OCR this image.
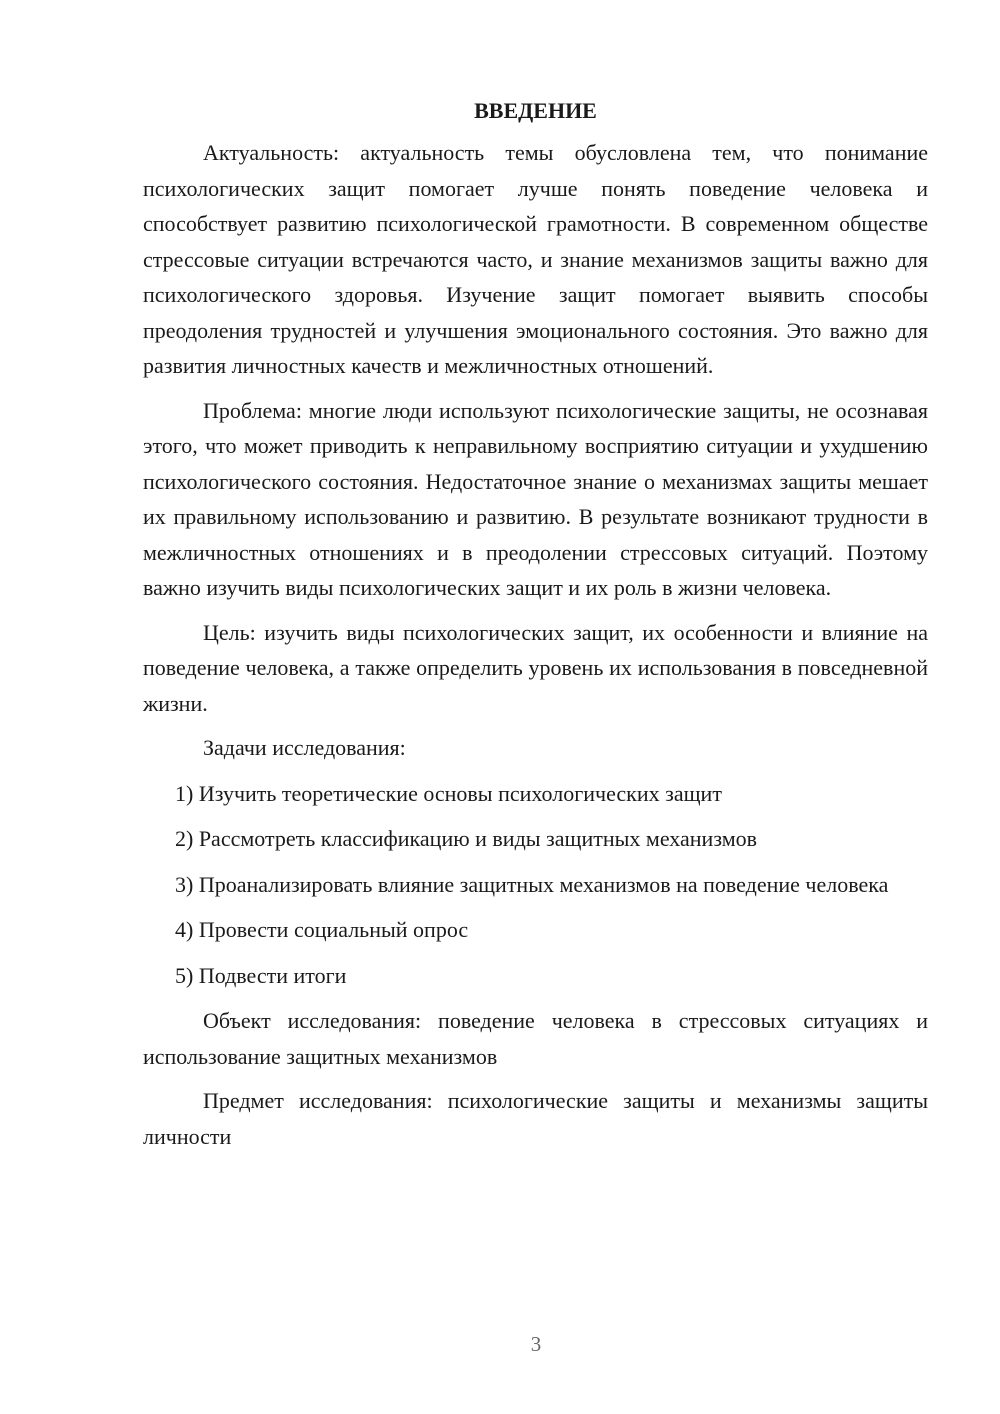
ВВЕДЕНИЕ

Актуальность: актуальность темы обусловлена тем, что понимание психологических защит помогает лучше понять поведение человека и способствует развитию психологической грамотности. В современном обществе стрессовые ситуации встречаются часто, и знание механизмов защиты важно для психологического здоровья. Изучение защит помогает выявить способы преодоления трудностей и улучшения эмоционального состояния. Это важно для развития личностных качеств и межличностных отношений.

Проблема: многие люди используют психологические защиты, не осознавая этого, что может приводить к неправильному восприятию ситуации и ухудшению психологического состояния. Недостаточное знание о механизмах защиты мешает их правильному использованию и развитию. В результате возникают трудности в межличностных отношениях и в преодолении стрессовых ситуаций. Поэтому важно изучить виды психологических защит и их роль в жизни человека.

Цель: изучить виды психологических защит, их особенности и влияние на поведение человека, а также определить уровень их использования в повседневной жизни.

Задачи исследования:

1) Изучить теоретические основы психологических защит

2) Рассмотреть классификацию и виды защитных механизмов

3) Проанализировать влияние защитных механизмов на поведение человека

4) Провести социальный опрос

5) Подвести итоги

Объект исследования: поведение человека в стрессовых ситуациях и использование защитных механизмов

Предмет исследования: психологические защиты и механизмы защиты личности

3
